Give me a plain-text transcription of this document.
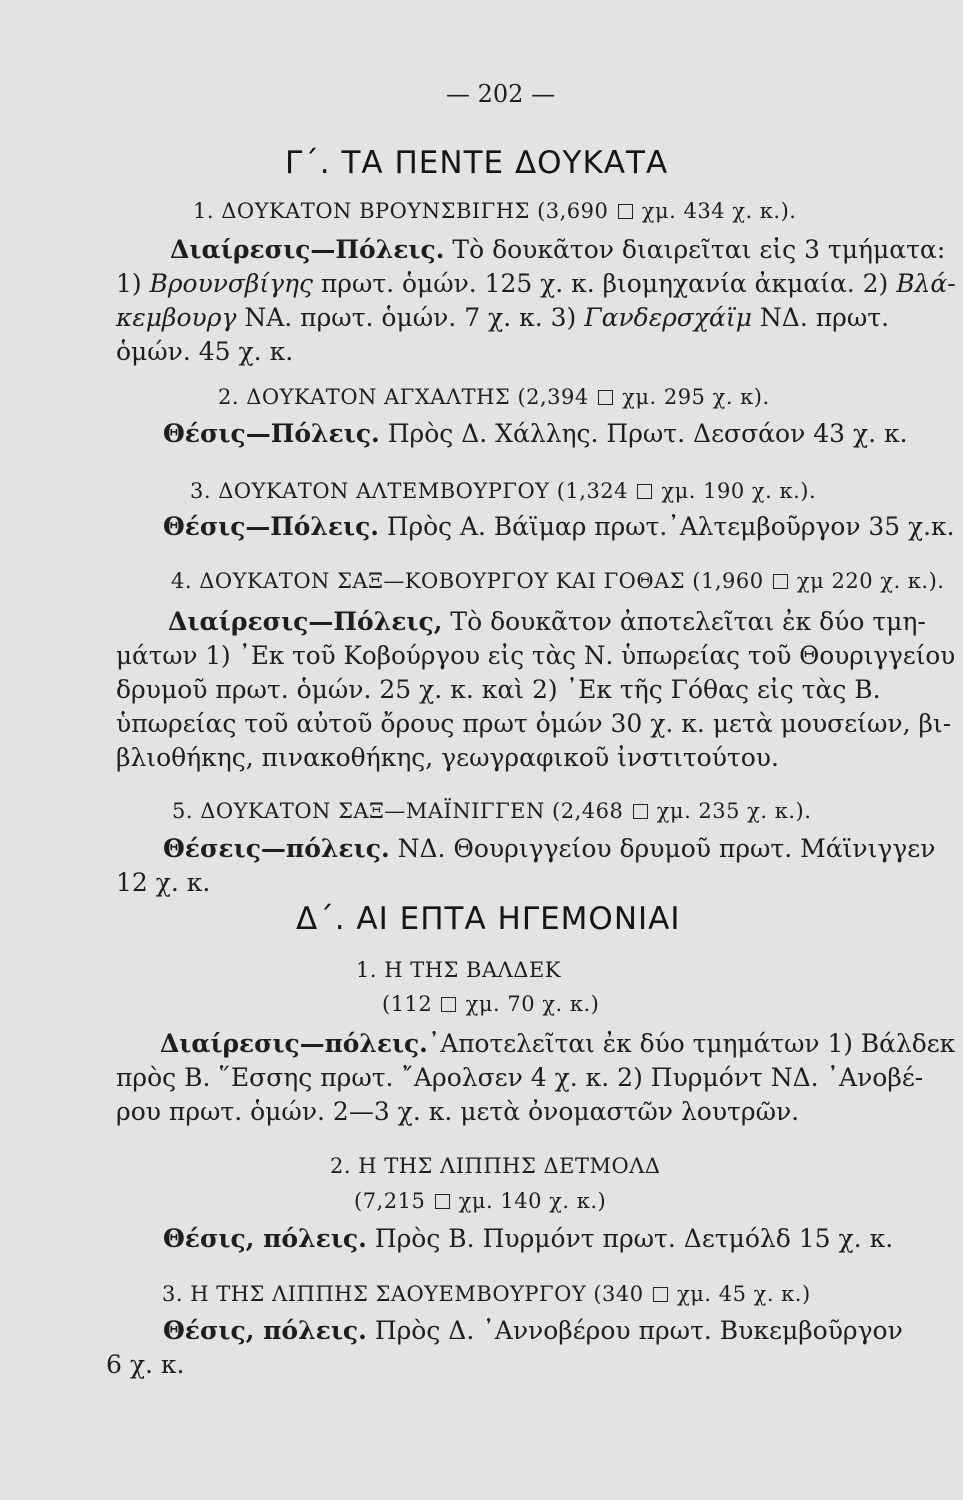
— 202 —
Γ΄. ΤΑ ΠΕΝΤΕ ΔΟΥΚΑΤΑ
1. ΔΟΥΚΑΤΟΝ ΒΡΟΥΝΣΒΙΓΗΣ (3,690  χμ. 434 χ. κ.).
Διαίρεσις—Πόλεις. Τὸ δουκᾶτον διαιρεῖται εἰς 3 τμήματα:
1) Βρουνσβίγης πρωτ. ὁμών. 125 χ. κ. βιομηχανία ἀκμαία. 2) Βλά-
κεμβουργ ΝΑ. πρωτ. ὁμών. 7 χ. κ. 3) Γανδερσχάϊμ ΝΔ. πρωτ.
ὁμών. 45 χ. κ.
2. ΔΟΥΚΑΤΟΝ ΑΓΧΑΛΤΗΣ (2,394  χμ. 295 χ. κ).
Θέσις—Πόλεις. Πρὸς Δ. Χάλλης. Πρωτ. Δεσσάον 43 χ. κ.
3. ΔΟΥΚΑΤΟΝ ΑΛΤΕΜΒΟΥΡΓΟΥ (1,324  χμ. 190 χ. κ.).
Θέσις—Πόλεις. Πρὸς Α. Βάϊμαρ πρωτ.᾿Αλτεμβοῦργον 35 χ.κ.
4. ΔΟΥΚΑΤΟΝ ΣΑΞ—ΚΟΒΟΥΡΓΟΥ ΚΑΙ ΓΟΘΑΣ (1,960  χμ 220 χ. κ.).
Διαίρεσις—Πόλεις, Τὸ δουκᾶτον ἀποτελεῖται ἐκ δύο τμη-
μάτων 1) ᾿Εκ τοῦ Κοβούργου εἰς τὰς Ν. ὑπωρείας τοῦ Θουριγγείου
δρυμοῦ πρωτ. ὁμών. 25 χ. κ. καὶ 2) ᾿Εκ τῆς Γόθας εἰς τὰς Β.
ὑπωρείας τοῦ αὐτοῦ ὄρους πρωτ ὁμών 30 χ. κ. μετὰ μουσείων, βι-
βλιοθήκης, πινακοθήκης, γεωγραφικοῦ ἰνστιτούτου.
5. ΔΟΥΚΑΤΟΝ ΣΑΞ—ΜΑΪΝΙΓΓΕΝ (2,468  χμ. 235 χ. κ.).
Θέσεις—πόλεις. ΝΔ. Θουριγγείου δρυμοῦ πρωτ. Μάϊνιγγεν
12 χ. κ.
Δ΄. ΑΙ ΕΠΤΑ ΗΓΕΜΟΝΙΑΙ
1. Η ΤΗΣ ΒΑΛΔΕΚ
(112  χμ. 70 χ. κ.)
Διαίρεσις—πόλεις.᾿Αποτελεῖται ἐκ δύο τμημάτων 1) Βάλδεκ
πρὸς Β. ῞Εσσης πρωτ. ῎Αρολσεν 4 χ. κ. 2) Πυρμόντ ΝΔ. ᾿Ανοβέ-
ρου πρωτ. ὁμών. 2—3 χ. κ. μετὰ ὀνομαστῶν λουτρῶν.
2. Η ΤΗΣ ΛΙΠΠΗΣ ΔΕΤΜΟΛΔ
(7,215  χμ. 140 χ. κ.)
Θέσις, πόλεις. Πρὸς Β. Πυρμόντ πρωτ. Δετμόλδ 15 χ. κ.
3. Η ΤΗΣ ΛΙΠΠΗΣ ΣΑΟΥΕΜΒΟΥΡΓΟΥ (340  χμ. 45 χ. κ.)
Θέσις, πόλεις. Πρὸς Δ. ᾿Αννοβέρου πρωτ. Βυκεμβοῦργον
6 χ. κ.
